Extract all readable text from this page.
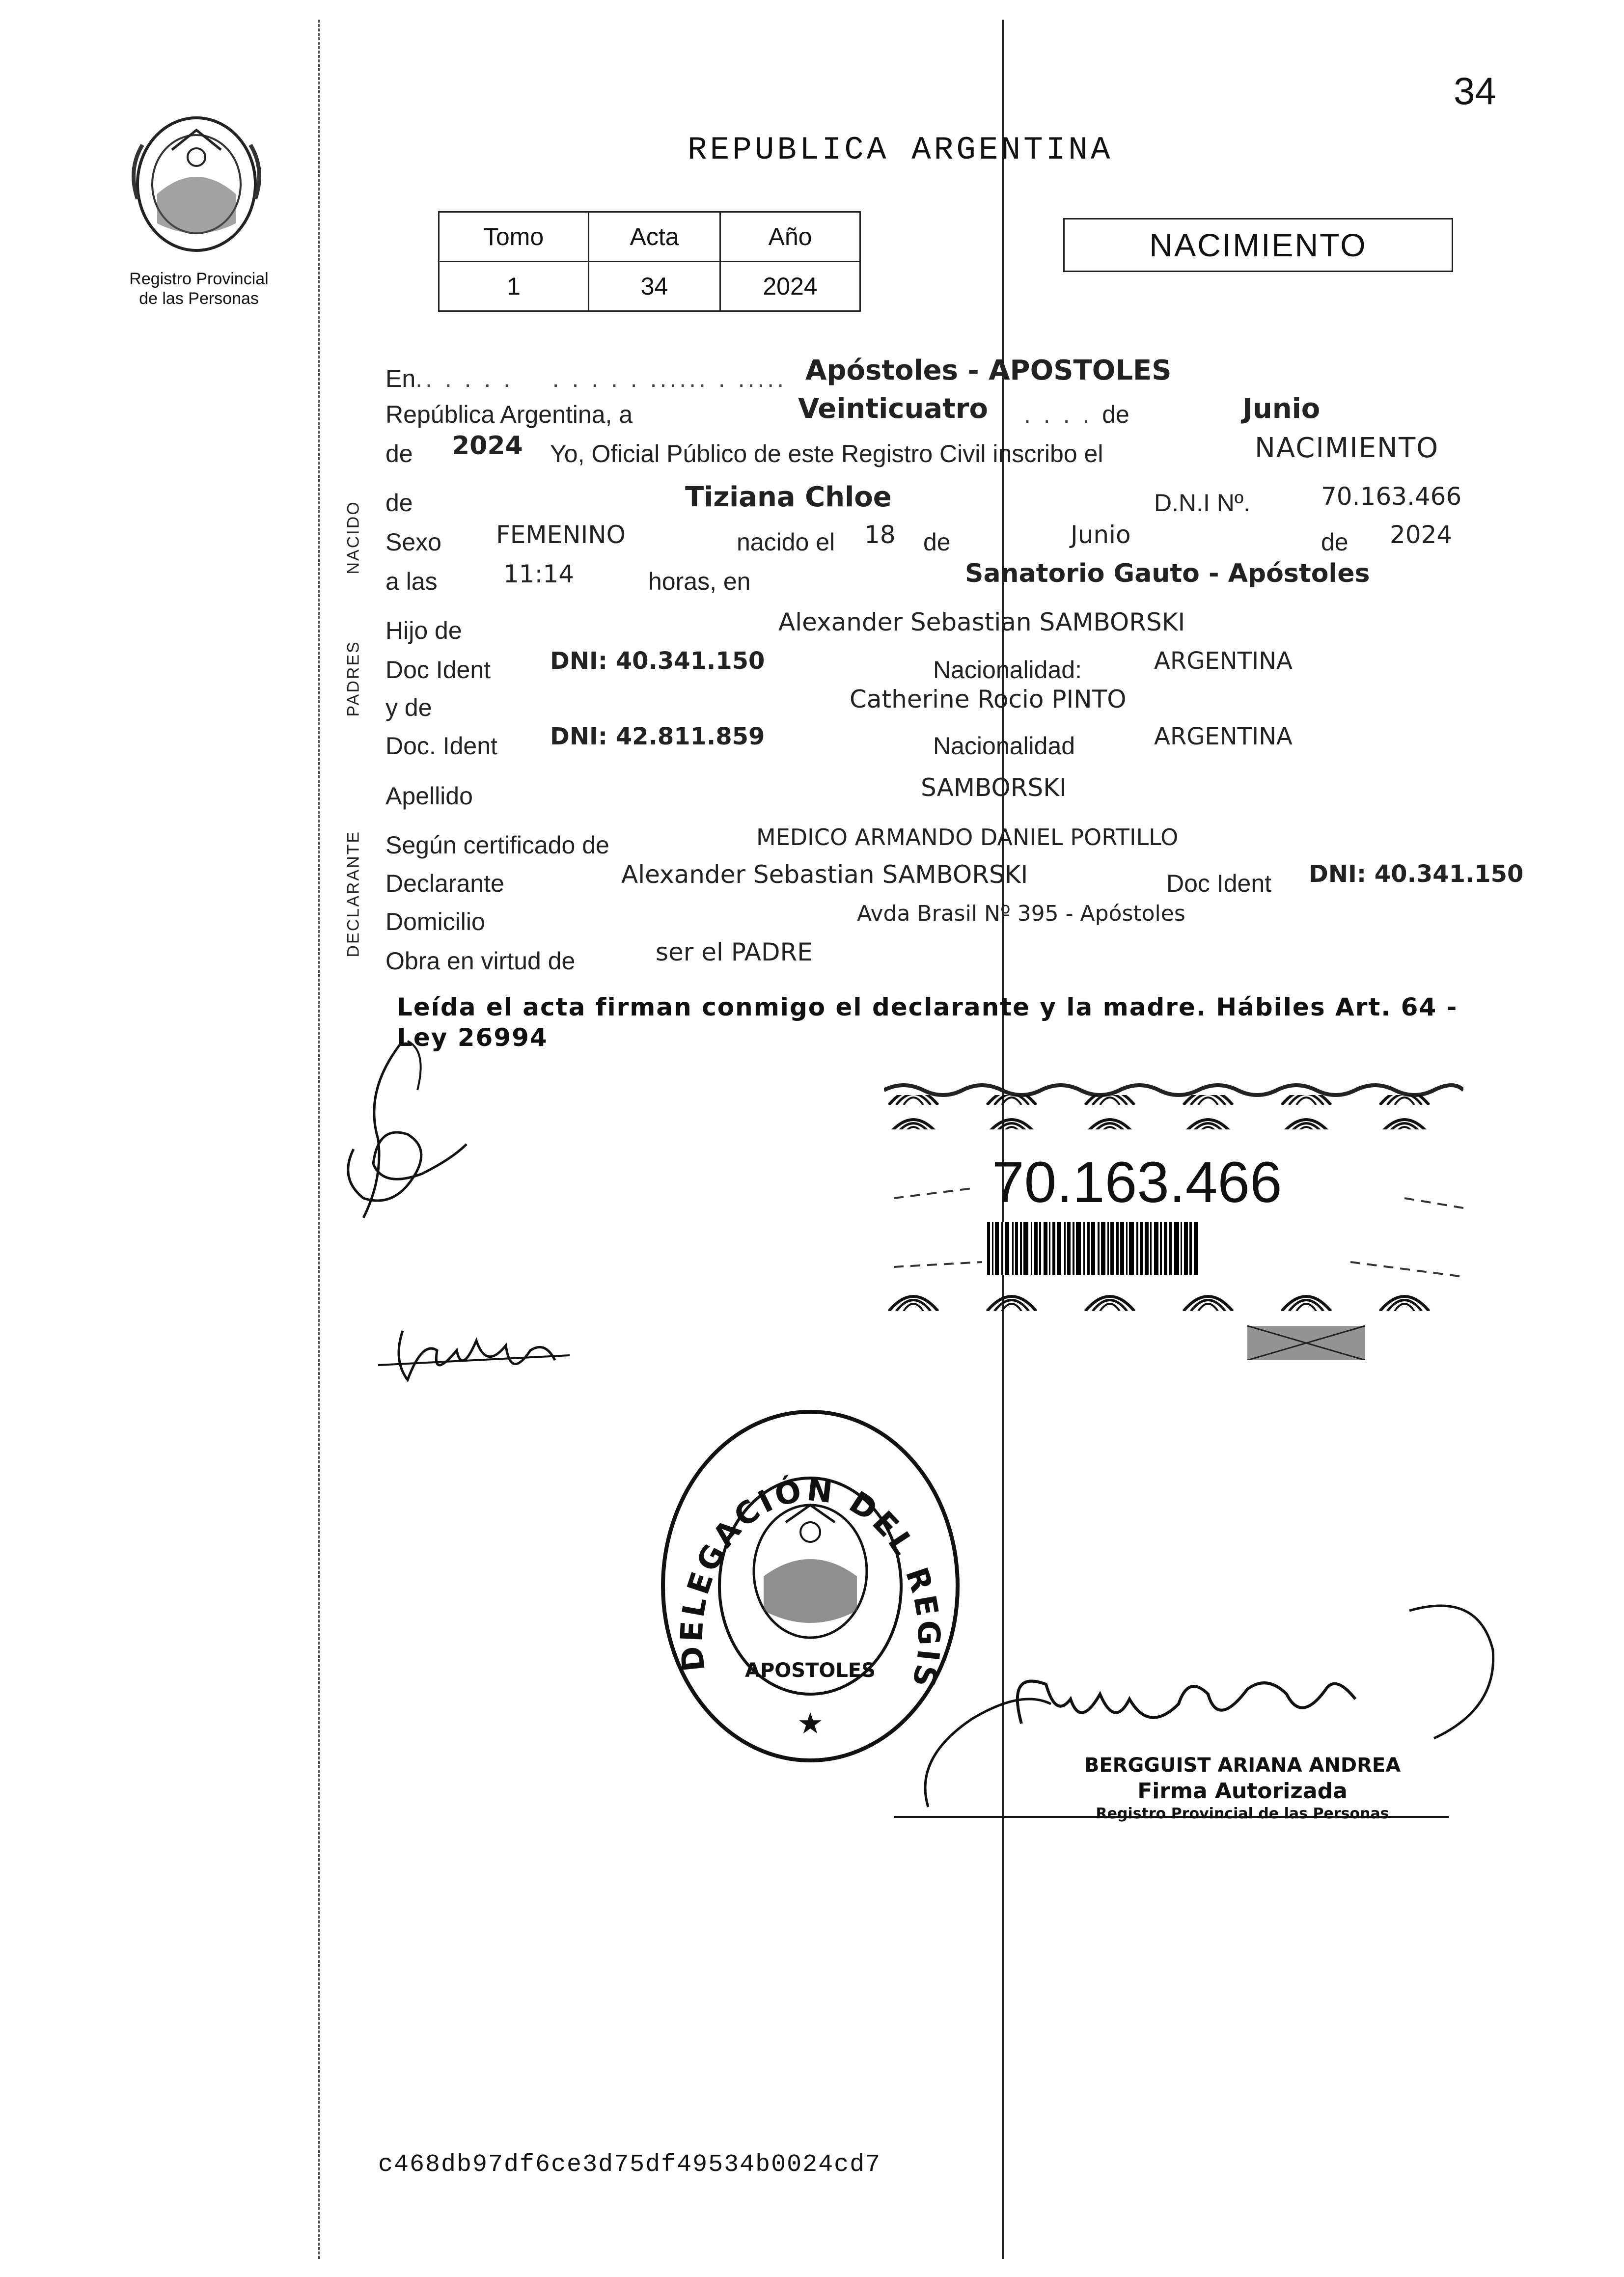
34
Registro Provincial
de las Personas
REPUBLICA ARGENTINA
Tomo	Acta	Año
1	34	2024
NACIMIENTO
NACIDO
PADRES
DECLARANTE
En.. . . . .    . . . . . ...... . ..... Apóstoles - APOSTOLES
República Argentina, a	Veinticuatro . . . . de	Junio
de 2024 Yo, Oficial Público de este Registro Civil inscribo el	NACIMIENTO
de	Tiziana Chloe	D.N.I Nº.	70.163.466
Sexo FEMENINO	nacido el 18 de	Junio	de 2024
a las	11:14	horas, en	Sanatorio Gauto - Apóstoles
Hijo de	Alexander Sebastian SAMBORSKI
Doc Ident	DNI: 40.341.150	Nacionalidad:	ARGENTINA
y de	Catherine Rocio PINTO
Doc. Ident DNI: 42.811.859	Nacionalidad	ARGENTINA
Apellido	SAMBORSKI
Según certificado de	MEDICO ARMANDO DANIEL PORTILLO
Declarante	Alexander Sebastian SAMBORSKI	Doc Ident DNI: 40.341.150
Domicilio	Avda Brasil Nº 395 - Apóstoles
Obra en virtud de	ser el PADRE
Leída el acta firman conmigo el declarante y la madre. Hábiles Art. 64 - Ley 26994
70.163.466
DELEGACIÓN DEL REGIS
APOSTOLES
★
BERGGUIST ARIANA ANDREA
Firma Autorizada
Registro Provincial de las Personas
c468db97df6ce3d75df49534b0024cd7
